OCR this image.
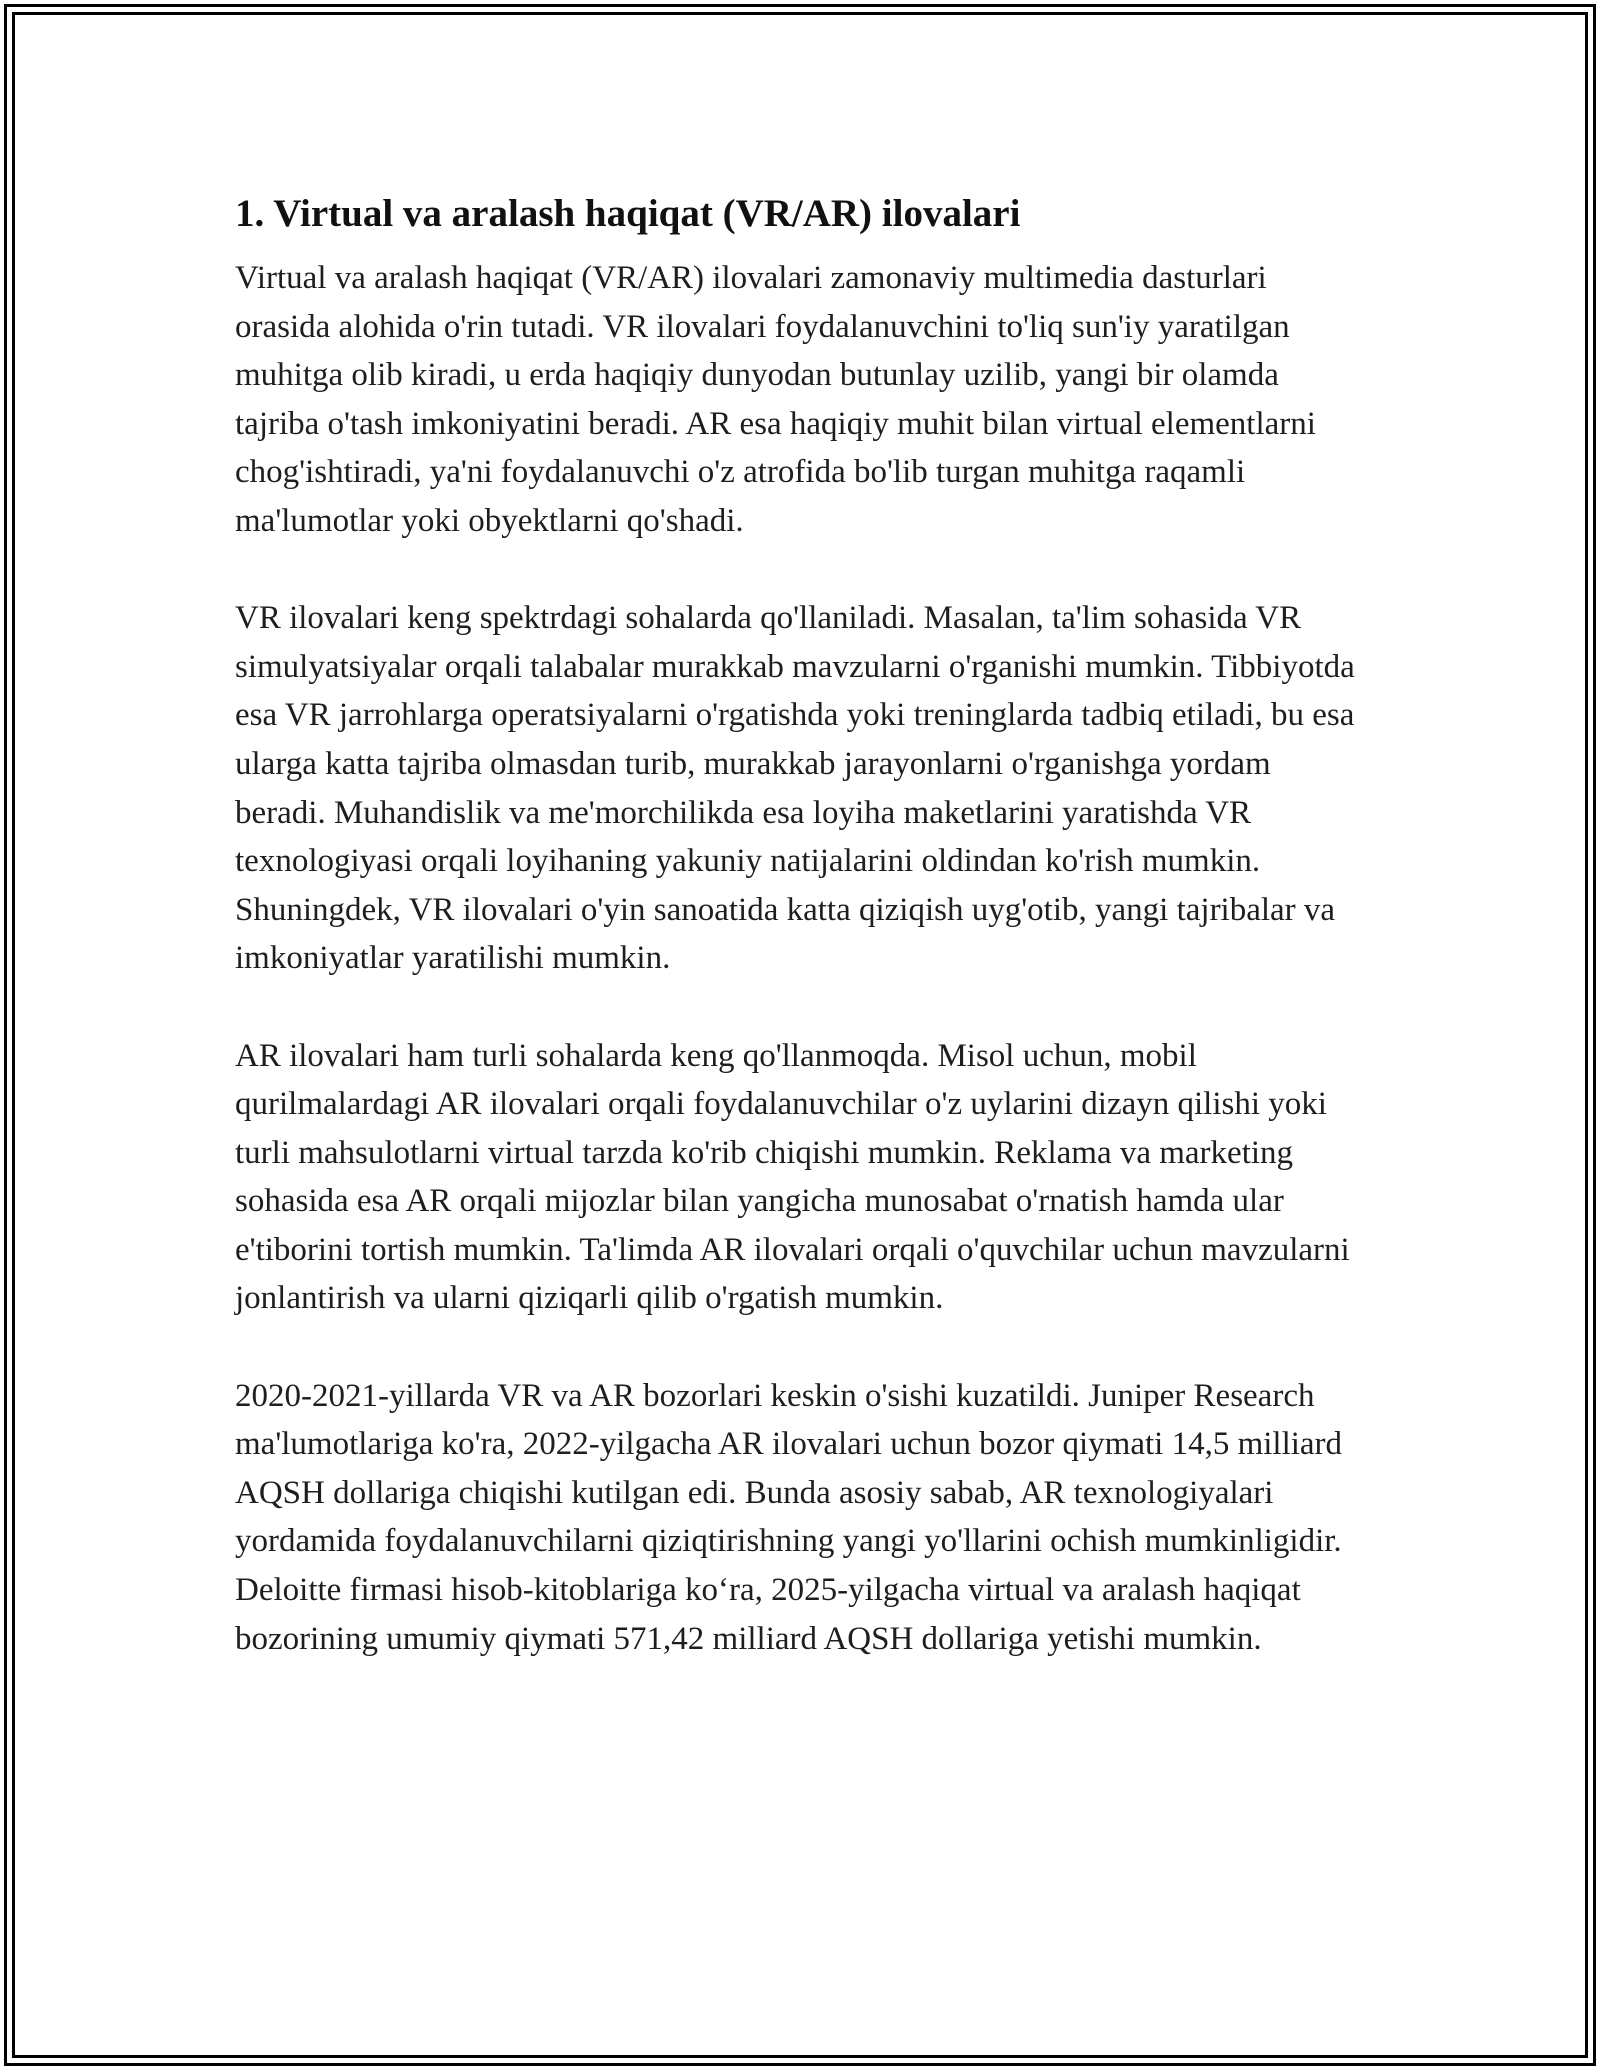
1. Virtual va aralash haqiqat (VR/AR) ilovalari

Virtual va aralash haqiqat (VR/AR) ilovalari zamonaviy multimedia dasturlari orasida alohida o'rin tutadi. VR ilovalari foydalanuvchini to'liq sun'iy yaratilgan muhitga olib kiradi, u erda haqiqiy dunyodan butunlay uzilib, yangi bir olamda tajriba o'tash imkoniyatini beradi. AR esa haqiqiy muhit bilan virtual elementlarni chog'ishtiradi, ya'ni foydalanuvchi o'z atrofida bo'lib turgan muhitga raqamli ma'lumotlar yoki obyektlarni qo'shadi.

VR ilovalari keng spektrdagi sohalarda qo'llaniladi. Masalan, ta'lim sohasida VR simulyatsiyalar orqali talabalar murakkab mavzularni o'rganishi mumkin. Tibbiyotda esa VR jarrohlarga operatsiyalarni o'rgatishda yoki treninglarda tadbiq etiladi, bu esa ularga katta tajriba olmasdan turib, murakkab jarayonlarni o'rganishga yordam beradi. Muhandislik va me'morchilikda esa loyiha maketlarini yaratishda VR texnologiyasi orqali loyihaning yakuniy natijalarini oldindan ko'rish mumkin. Shuningdek, VR ilovalari o'yin sanoatida katta qiziqish uyg'otib, yangi tajribalar va imkoniyatlar yaratilishi mumkin.

AR ilovalari ham turli sohalarda keng qo'llanmoqda. Misol uchun, mobil qurilmalardagi AR ilovalari orqali foydalanuvchilar o'z uylarini dizayn qilishi yoki turli mahsulotlarni virtual tarzda ko'rib chiqishi mumkin. Reklama va marketing sohasida esa AR orqali mijozlar bilan yangicha munosabat o'rnatish hamda ular e'tiborini tortish mumkin. Ta'limda AR ilovalari orqali o'quvchilar uchun mavzularni jonlantirish va ularni qiziqarli qilib o'rgatish mumkin.

2020-2021-yillarda VR va AR bozorlari keskin o'sishi kuzatildi. Juniper Research ma'lumotlariga ko'ra, 2022-yilgacha AR ilovalari uchun bozor qiymati 14,5 milliard AQSH dollariga chiqishi kutilgan edi. Bunda asosiy sabab, AR texnologiyalari yordamida foydalanuvchilarni qiziqtirishning yangi yo'llarini ochish mumkinligidir. Deloitte firmasi hisob-kitoblariga ko‘ra, 2025-yilgacha virtual va aralash haqiqat bozorining umumiy qiymati 571,42 milliard AQSH dollariga yetishi mumkin.
